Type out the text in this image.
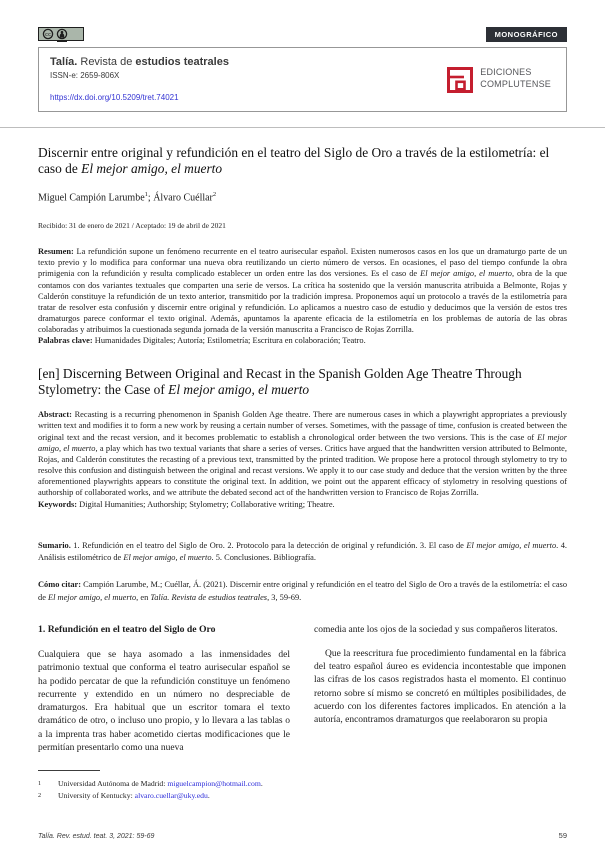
cc	MONOGRÁFICO
Talía. Revista de estudios teatrales
ISSN-e: 2659-806X
https://dx.doi.org/10.5209/tret.74021
EDICIONES
COMPLUTENSE
Discernir entre original y refundición en el teatro del Siglo de Oro a través de la estilometría: el caso de El mejor amigo, el muerto

Miguel Campión Larumbe$^1$; Álvaro Cuéllar$^2$

Recibido: 31 de enero de 2021 / Aceptado: 19 de abril de 2021

Resumen: La refundición supone un fenómeno recurrente en el teatro aurisecular español. Existen numerosos casos en los que un dramaturgo parte de un texto previo y lo modifica para conformar una nueva obra reutilizando un cierto número de versos. En ocasiones, el paso del tiempo confunde la obra primigenia con la refundición y resulta complicado establecer un orden entre las dos versiones. Es el caso de El mejor amigo, el muerto, obra de la que contamos con dos variantes textuales que comparten una serie de versos. La crítica ha sostenido que la versión manuscrita atribuida a Belmonte, Rojas y Calderón constituye la refundición de un texto anterior, transmitido por la tradición impresa. Proponemos aquí un protocolo a través de la estilometría para tratar de resolver esta confusión y discernir entre original y refundición. Lo aplicamos a nuestro caso de estudio y deducimos que la versión de estos tres dramaturgos parece conformar el texto original. Además, apuntamos la aparente eficacia de la estilometría en los problemas de autoría de las obras colaboradas y atribuimos la cuestionada segunda jornada de la versión manuscrita a Francisco de Rojas Zorrilla.

Palabras clave: Humanidades Digitales; Autoría; Estilometría; Escritura en colaboración; Teatro.

[en] Discerning Between Original and Recast in the Spanish Golden Age Theatre Through Stylometry: the Case of El mejor amigo, el muerto

Abstract: Recasting is a recurring phenomenon in Spanish Golden Age theatre. There are numerous cases in which a playwright appropriates a previously written text and modifies it to form a new work by reusing a certain number of verses. Sometimes, with the passage of time, confusion is created between the original text and the recast version, and it becomes problematic to establish a chronological order between the two versions. This is the case of El mejor amigo, el muerto, a play which has two textual variants that share a series of verses. Critics have argued that the handwritten version attributed to Belmonte, Rojas, and Calderón constitutes the recasting of a previous text, transmitted by the printed tradition. We propose here a protocol through stylometry to try to resolve this confusion and distinguish between the original and recast versions. We apply it to our case study and deduce that the version written by the three aforementioned playwrights appears to constitute the original text. In addition, we point out the apparent efficacy of stylometry in resolving questions of authorship of collaborated works, and we attribute the debated second act of the handwritten version to Francisco de Rojas Zorrilla.

Keywords: Digital Humanities; Authorship; Stylometry; Collaborative writing; Theatre.

Sumario. 1. Refundición en el teatro del Siglo de Oro. 2. Protocolo para la detección de original y refundición. 3. El caso de El mejor amigo, el muerto. 4. Análisis estilométrico de El mejor amigo, el muerto. 5. Conclusiones. Bibliografía.

Cómo citar: Campión Larumbe, M.; Cuéllar, Á. (2021). Discernir entre original y refundición en el teatro del Siglo de Oro a través de la estilometría: el caso de El mejor amigo, el muerto, en Talía. Revista de estudios teatrales, 3, 59-69.

1. Refundición en el teatro del Siglo de Oro

Cualquiera que se haya asomado a las inmensidades del patrimonio textual que conforma el teatro aurisecular español se ha podido percatar de que la refundición constituye un fenómeno recurrente y extendido en un número no despreciable de dramaturgos. Era habitual que un escritor tomara el texto dramático de otro, o incluso uno propio, y lo llevara a las tablas o a la imprenta tras haber acometido ciertas modificaciones que le permitían presentarlo como una nueva

1	Universidad Autónoma de Madrid: miguelcampion@hotmail.com.
2	University of Kentucky: alvaro.cuellar@uky.edu.

comedia ante los ojos de la sociedad y sus compañeros literatos.

Que la reescritura fue procedimiento fundamental en la fábrica del teatro español áureo es evidencia incontestable que imponen las cifras de los casos registrados hasta el momento. El continuo retorno sobre sí mismo se concretó en múltiples posibilidades, de acuerdo con los diferentes factores implicados. En atención a la autoría, encontramos dramaturgos que reelaboraron su propia

Talía. Rev. estud. teat. 3, 2021: 59-69	59
